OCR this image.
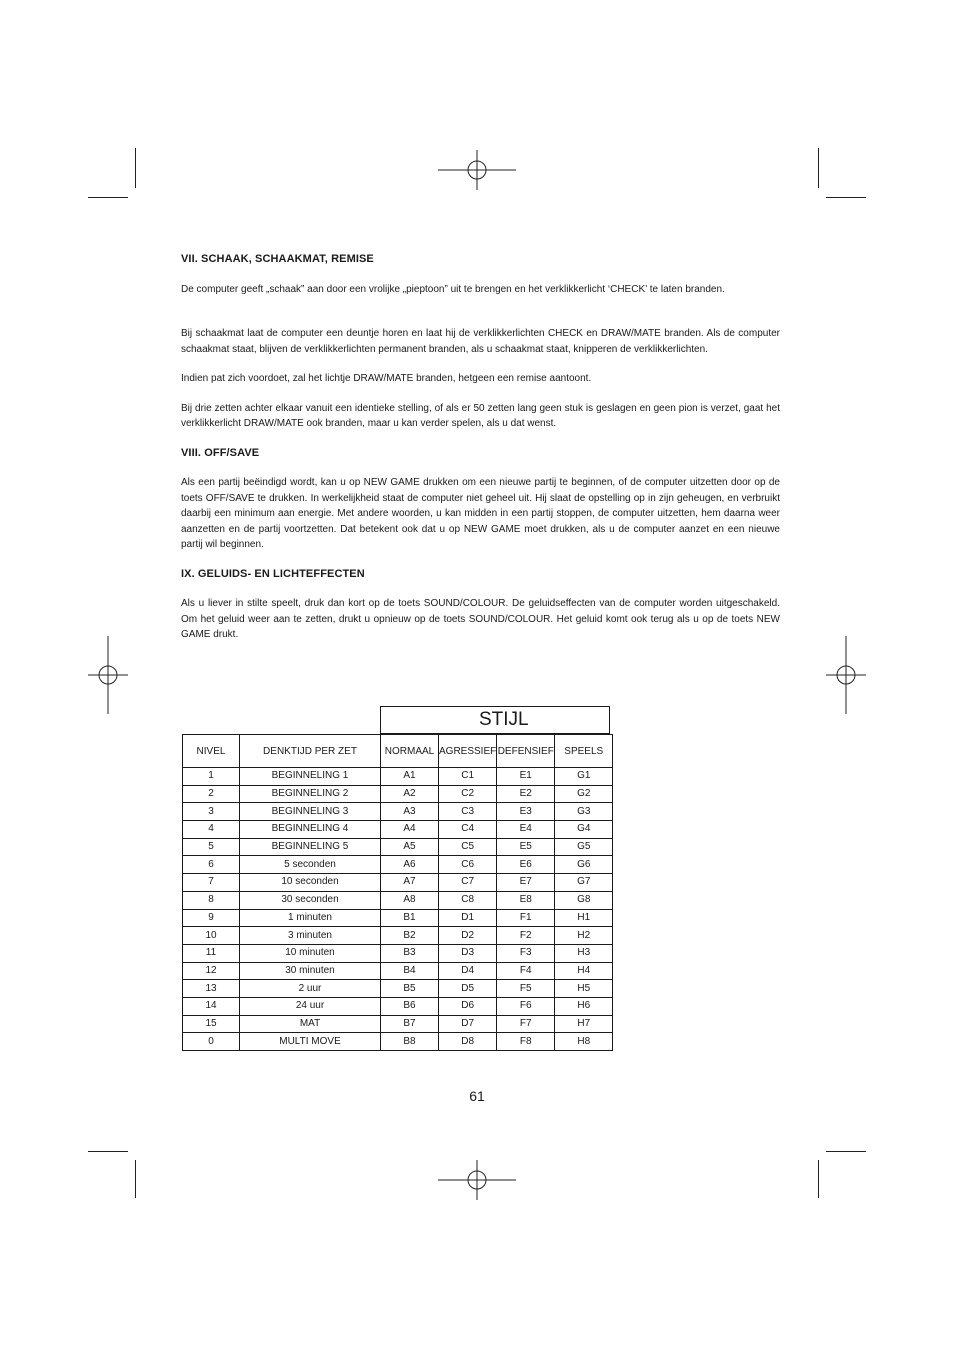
VII. SCHAAK, SCHAAKMAT, REMISE

De computer geeft „schaak” aan door een vrolijke „pieptoon” uit te brengen en het verklikkerlicht ‘CHECK’ te laten branden.

Bij schaakmat laat de computer een deuntje horen en laat hij de verklikkerlichten CHECK en DRAW/MATE branden. Als de computer schaakmat staat, blijven de verklikkerlichten permanent branden, als u schaakmat staat, knipperen de verklikkerlichten.

Indien pat zich voordoet, zal het lichtje DRAW/MATE branden, hetgeen een remise aantoont.

Bij drie zetten achter elkaar vanuit een identieke stelling, of als er 50 zetten lang geen stuk is geslagen en geen pion is verzet, gaat het verklikkerlicht DRAW/MATE ook branden, maar u kan verder spelen, als u dat wenst.

VIII. OFF/SAVE

Als een partij beëindigd wordt, kan u op NEW GAME drukken om een nieuwe partij te beginnen, of de computer uitzetten door op de toets OFF/SAVE te drukken. In werkelijkheid staat de computer niet geheel uit. Hij slaat de opstelling op in zijn geheugen, en verbruikt daarbij een minimum aan energie. Met andere woorden, u kan midden in een partij stoppen, de computer uitzetten, hem daarna weer aanzetten en de partij voortzetten. Dat betekent ook dat u op NEW GAME moet drukken, als u de computer aanzet en een nieuwe partij wil beginnen.

IX. GELUIDS- EN LICHTEFFECTEN

Als u liever in stilte speelt, druk dan kort op de toets SOUND/COLOUR. De geluidseffecten van de computer worden uitgeschakeld. Om het geluid weer aan te zetten, drukt u opnieuw op de toets SOUND/COLOUR. Het geluid komt ook terug als u op de toets NEW GAME drukt.

STIJL
NIVEL	DENKTIJD PER ZET	NORMAAL	AGRESSIEF	DEFENSIEF	SPEELS
1	BEGINNELING 1	A1	C1	E1	G1
2	BEGINNELING 2	A2	C2	E2	G2
3	BEGINNELING 3	A3	C3	E3	G3
4	BEGINNELING 4	A4	C4	E4	G4
5	BEGINNELING 5	A5	C5	E5	G5
6	5 seconden	A6	C6	E6	G6
7	10 seconden	A7	C7	E7	G7
8	30 seconden	A8	C8	E8	G8
9	1 minuten	B1	D1	F1	H1
10	3 minuten	B2	D2	F2	H2
11	10 minuten	B3	D3	F3	H3
12	30 minuten	B4	D4	F4	H4
13	2 uur	B5	D5	F5	H5
14	24 uur	B6	D6	F6	H6
15	MAT	B7	D7	F7	H7
0	MULTI MOVE	B8	D8	F8	H8
61
